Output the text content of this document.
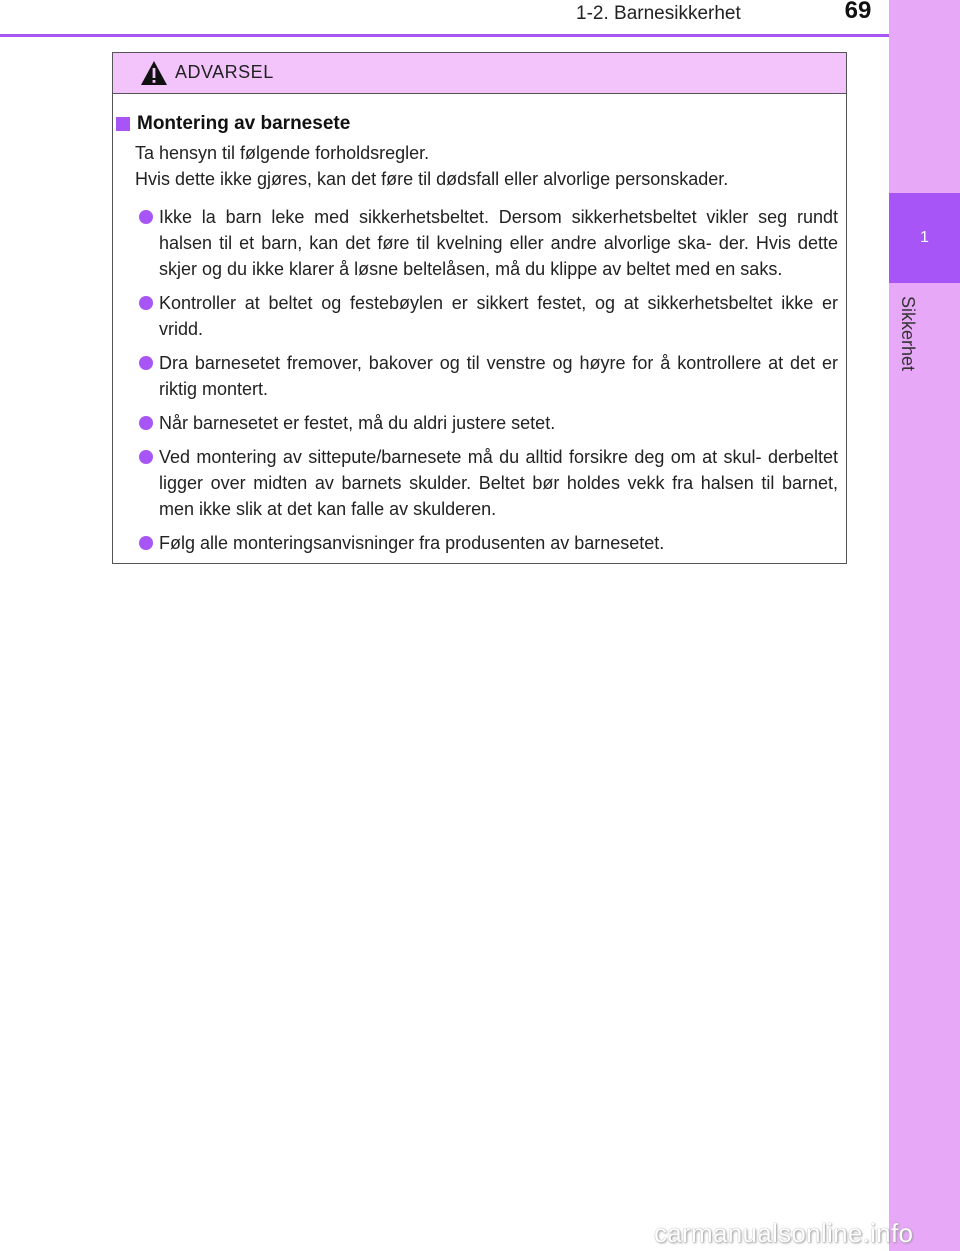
1-2. Barnesikkerhet	69
1
Sikkerhet
ADVARSEL
Montering av barnesete
Ta hensyn til følgende forholdsregler.
Hvis dette ikke gjøres, kan det føre til dødsfall eller alvorlige personskader.
Ikke la barn leke med sikkerhetsbeltet. Dersom sikkerhetsbeltet vikler seg rundt halsen til et barn, kan det føre til kvelning eller andre alvorlige ska- der. Hvis dette skjer og du ikke klarer å løsne beltelåsen, må du klippe av beltet med en saks.
Kontroller at beltet og festebøylen er sikkert festet, og at sikkerhetsbeltet ikke er vridd.
Dra barnesetet fremover, bakover og til venstre og høyre for å kontrollere at det er riktig montert.
Når barnesetet er festet, må du aldri justere setet.
Ved montering av sittepute/barnesete må du alltid forsikre deg om at skul- derbeltet ligger over midten av barnets skulder. Beltet bør holdes vekk fra halsen til barnet, men ikke slik at det kan falle av skulderen.
Følg alle monteringsanvisninger fra produsenten av barnesetet.
carmanualsonline.info
